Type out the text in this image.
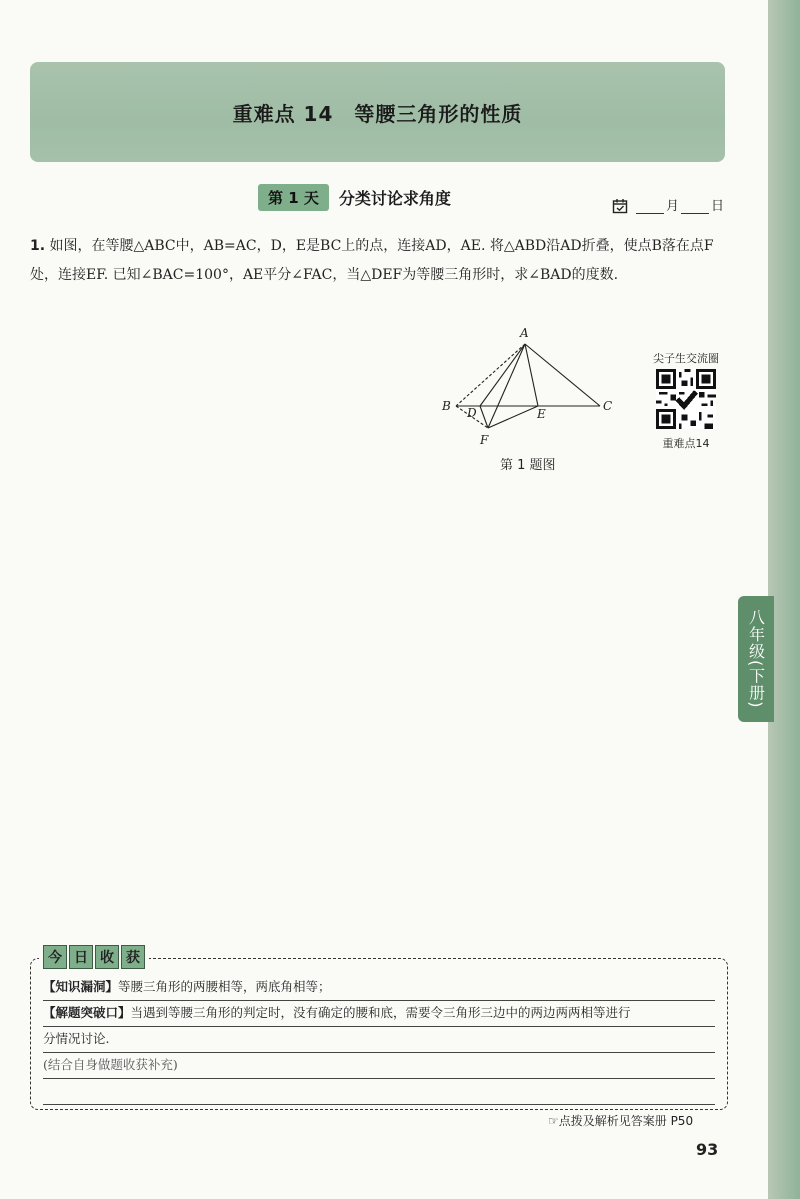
重难点 14　等腰三角形的性质
第 1 天	分类讨论求角度	月 日
1. 如图，在等腰△ABC中，AB=AC，D，E是BC上的点，连接AD，AE. 将△ABD沿AD折叠，使点B落在点F处，连接EF. 已知∠BAC=100°，AE平分∠FAC，当△DEF为等腰三角形时，求∠BAD的度数.
A
B	C
D	E
F
第 1 题图
尖子生交流圈
重难点14
今 日 收 获
【知识漏洞】等腰三角形的两腰相等，两底角相等；
【解题突破口】当遇到等腰三角形的判定时，没有确定的腰和底，需要令三角形三边中的两边两两相等进行
分情况讨论.
(结合自身做题收获补充)
☞点拨及解析见答案册 P50
93
八年级(下册)
